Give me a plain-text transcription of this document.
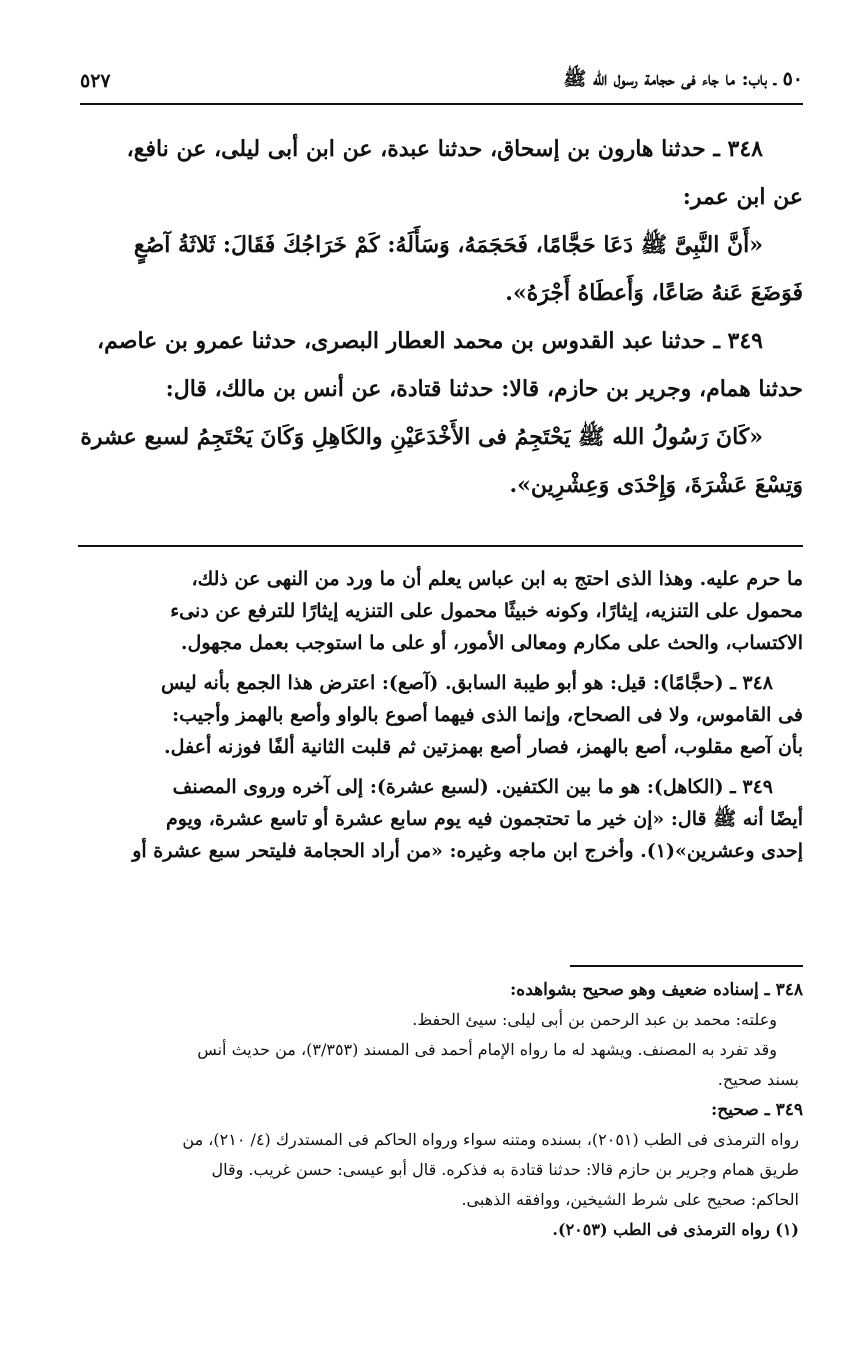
٥٠ ـ باب: ما جاء فى حجامة رسول الله ﷺ
٥٢٧
٣٤٨ ـ حدثنا هارون بن إسحاق، حدثنا عبدة، عن ابن أبى ليلى، عن نافع،
عن ابن عمر:
«أَنَّ النَّبِىَّ ﷺ دَعَا حَجَّامًا، فَحَجَمَهُ، وَسَأَلَهُ: كَمْ خَرَاجُكَ فَقَالَ: ثَلاثَةُ آصُعٍ
فَوَضَعَ عَنهُ صَاعًا، وَأَعطَاهُ أَجْرَهُ».
٣٤٩ ـ حدثنا عبد القدوس بن محمد العطار البصرى، حدثنا عمرو بن عاصم،
حدثنا همام، وجرير بن حازم، قالا: حدثنا قتادة، عن أنس بن مالك، قال:
«كَانَ رَسُولُ الله ﷺ يَحْتَجِمُ فى الأَخْدَعَيْنِ والكَاهِلِ وَكَانَ يَحْتَجِمُ لسبع عشرة
وَتِسْعَ عَشْرَةَ، وَإِحْدَى وَعِشْرِين».
ما حرم عليه. وهذا الذى احتج به ابن عباس يعلم أن ما ورد من النهى عن ذلك،
محمول على التنزيه، إيثارًا، وكونه خبيثًا محمول على التنزيه إيثارًا للترفع عن دنىء
الاكتساب، والحث على مكارم ومعالى الأمور، أو على ما استوجب بعمل مجهول.
٣٤٨ ـ (حجَّامًا): قيل: هو أبو طيبة السابق. (آصع): اعترض هذا الجمع بأنه ليس
فى القاموس، ولا فى الصحاح، وإنما الذى فيهما أصوع بالواو وأصع بالهمز وأجيب:
بأن آصع مقلوب، أصع بالهمز، فصار أصع بهمزتين ثم قلبت الثانية ألفًا فوزنه أعفل.
٣٤٩ ـ (الكاهل): هو ما بين الكتفين. (لسبع عشرة): إلى آخره وروى المصنف
أيضًا أنه ﷺ قال: «إن خير ما تحتجمون فيه يوم سابع عشرة أو تاسع عشرة، ويوم
إحدى وعشرين»(١). وأخرج ابن ماجه وغيره: «من أراد الحجامة فليتحر سبع عشرة أو
٣٤٨ ـ إسناده ضعيف وهو صحيح بشواهده:
وعلته: محمد بن عبد الرحمن بن أبى ليلى: سيئ الحفظ.
وقد تفرد به المصنف. ويشهد له ما رواه الإمام أحمد فى المسند (٣/٣٥٣)، من حديث أنس
بسند صحيح.
٣٤٩ ـ صحيح:
رواه الترمذى فى الطب (٢٠٥١)، بسنده ومتنه سواء ورواه الحاكم فى المستدرك (٤/ ٢١٠)، من
طريق همام وجرير بن حازم قالا: حدثنا قتادة به فذكره. قال أبو عيسى: حسن غريب. وقال
الحاكم: صحيح على شرط الشيخين، ووافقه الذهبى.
(١) رواه الترمذى فى الطب (٢٠٥٣).
